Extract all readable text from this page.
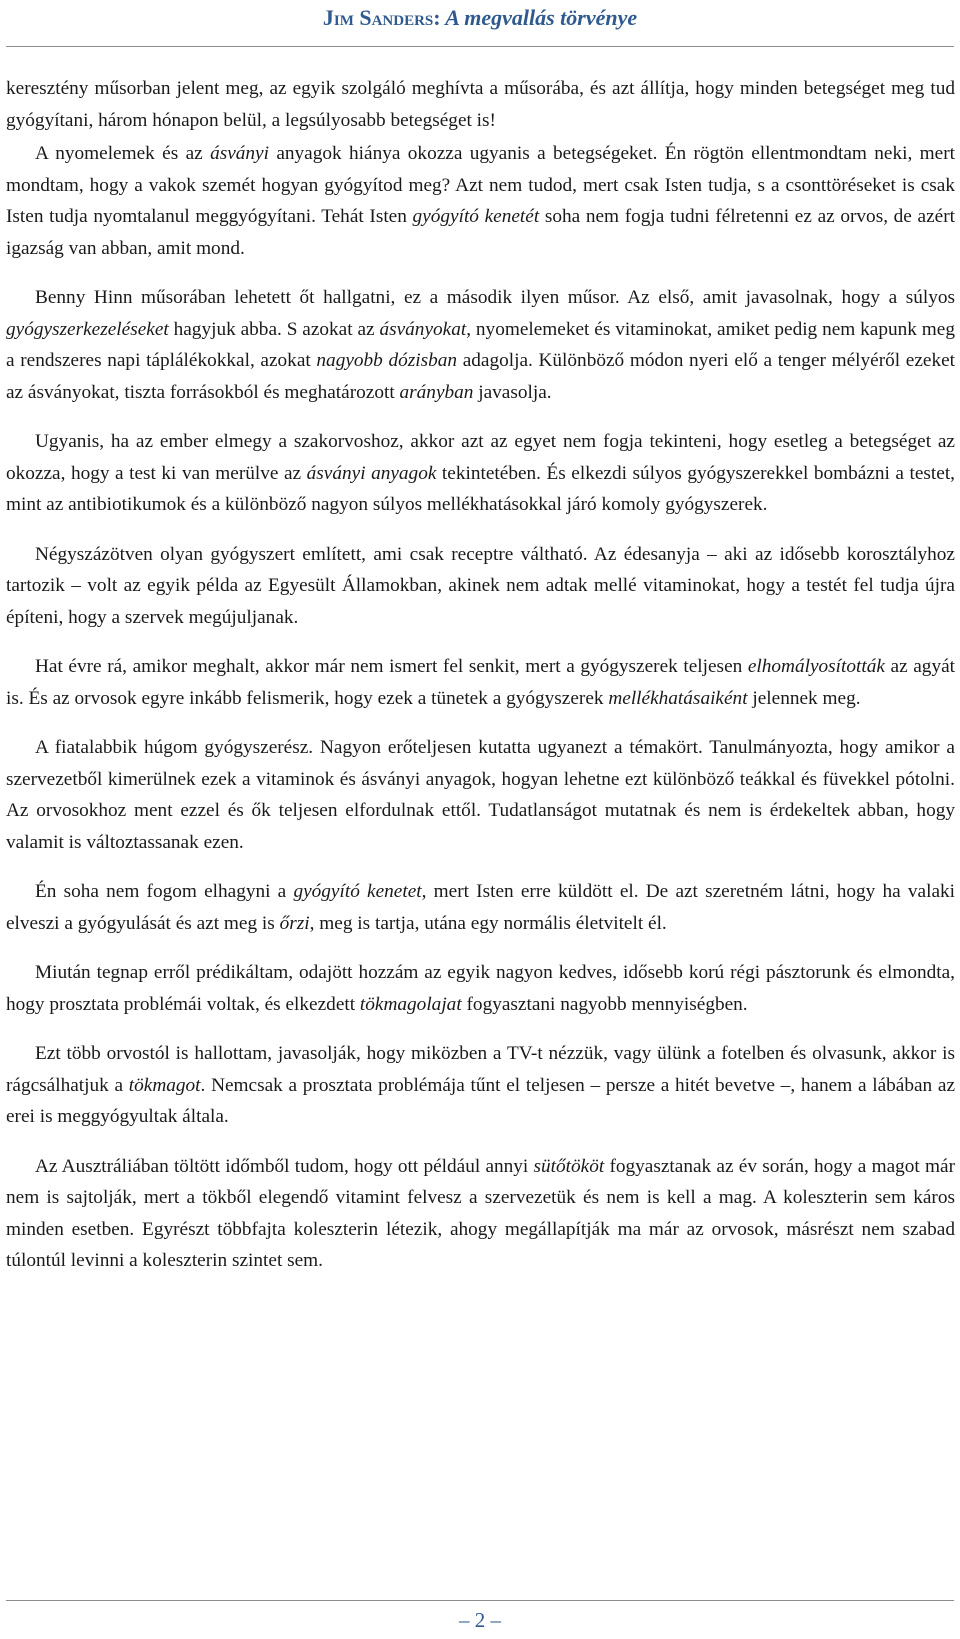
Jim Sanders: A megvallás törvénye

keresztény műsorban jelent meg, az egyik szolgáló meghívta a műsorába, és azt állítja, hogy minden betegséget meg tud gyógyítani, három hónapon belül, a legsúlyosabb betegséget is!

A nyomelemek és az ásványi anyagok hiánya okozza ugyanis a betegségeket. Én rögtön ellentmondtam neki, mert mondtam, hogy a vakok szemét hogyan gyógyítod meg? Azt nem tudod, mert csak Isten tudja, s a csonttöréseket is csak Isten tudja nyomtalanul meggyógyítani. Tehát Isten gyógyító kenetét soha nem fogja tudni félretenni ez az orvos, de azért igazság van abban, amit mond.

Benny Hinn műsorában lehetett őt hallgatni, ez a második ilyen műsor. Az első, amit javasolnak, hogy a súlyos gyógyszerkezeléseket hagyjuk abba. S azokat az ásványokat, nyomelemeket és vitaminokat, amiket pedig nem kapunk meg a rendszeres napi táplálékokkal, azokat nagyobb dózisban adagolja. Különböző módon nyeri elő a tenger mélyéről ezeket az ásványokat, tiszta forrásokból és meghatározott arányban javasolja.

Ugyanis, ha az ember elmegy a szakorvoshoz, akkor azt az egyet nem fogja tekinteni, hogy esetleg a betegséget az okozza, hogy a test ki van merülve az ásványi anyagok tekintetében. És elkezdi súlyos gyógyszerekkel bombázni a testet, mint az antibiotikumok és a különböző nagyon súlyos mellékhatásokkal járó komoly gyógyszerek.

Négyszázötven olyan gyógyszert említett, ami csak receptre váltható. Az édesanyja – aki az idősebb korosztályhoz tartozik – volt az egyik példa az Egyesült Államokban, akinek nem adtak mellé vitaminokat, hogy a testét fel tudja újra építeni, hogy a szervek megújuljanak.

Hat évre rá, amikor meghalt, akkor már nem ismert fel senkit, mert a gyógyszerek teljesen elhomályosították az agyát is. És az orvosok egyre inkább felismerik, hogy ezek a tünetek a gyógyszerek mellékhatásaiként jelennek meg.

A fiatalabbik húgom gyógyszerész. Nagyon erőteljesen kutatta ugyanezt a témakört. Tanulmányozta, hogy amikor a szervezetből kimerülnek ezek a vitaminok és ásványi anyagok, hogyan lehetne ezt különböző teákkal és füvekkel pótolni. Az orvosokhoz ment ezzel és ők teljesen elfordulnak ettől. Tudatlanságot mutatnak és nem is érdekeltek abban, hogy valamit is változtassanak ezen.

Én soha nem fogom elhagyni a gyógyító kenetet, mert Isten erre küldött el. De azt szeretném látni, hogy ha valaki elveszi a gyógyulását és azt meg is őrzi, meg is tartja, utána egy normális életvitelt él.

Miután tegnap erről prédikáltam, odajött hozzám az egyik nagyon kedves, idősebb korú régi pásztorunk és elmondta, hogy prosztata problémái voltak, és elkezdett tökmagolajat fogyasztani nagyobb mennyiségben.

Ezt több orvostól is hallottam, javasolják, hogy miközben a TV-t nézzük, vagy ülünk a fotelben és olvasunk, akkor is rágcsálhatjuk a tökmagot. Nemcsak a prosztata problémája tűnt el teljesen – persze a hitét bevetve –, hanem a lábában az erei is meggyógyultak általa.

Az Ausztráliában töltött időmből tudom, hogy ott például annyi sütőtököt fogyasztanak az év során, hogy a magot már nem is sajtolják, mert a tökből elegendő vitamint felvesz a szervezetük és nem is kell a mag. A koleszterin sem káros minden esetben. Egyrészt többfajta koleszterin létezik, ahogy megállapítják ma már az orvosok, másrészt nem szabad túlontúl levinni a koleszterin szintet sem.

– 2 –
